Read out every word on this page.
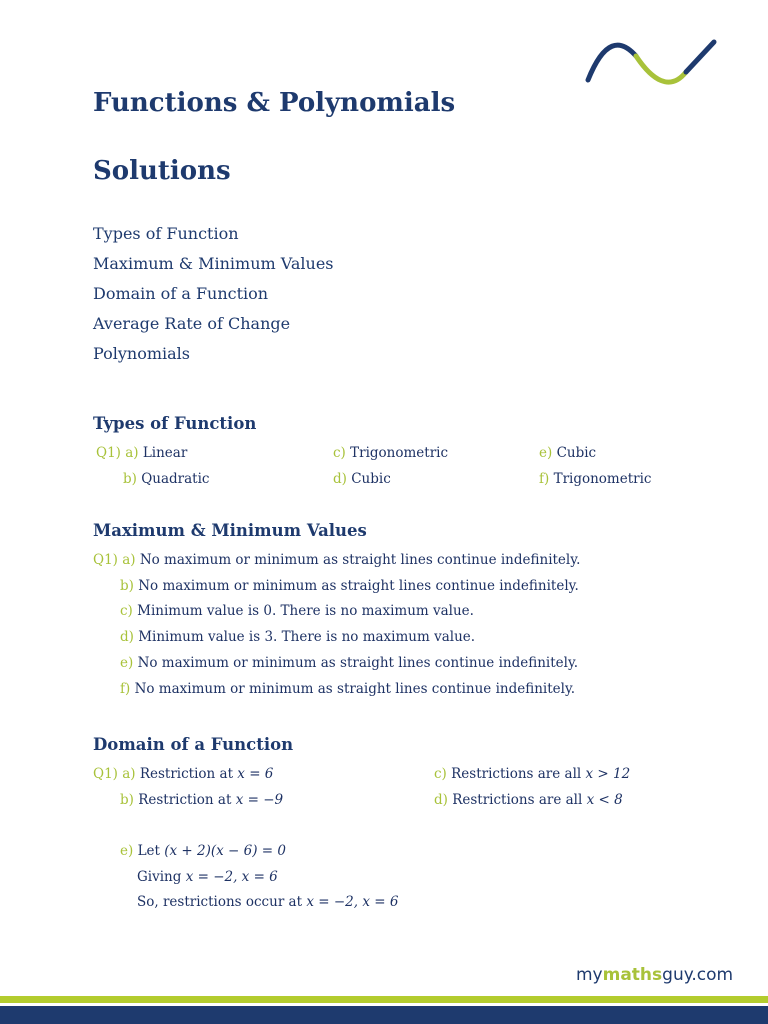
Functions & Polynomials
Solutions
Types of Function
Maximum & Minimum Values
Domain of a Function
Average Rate of Change
Polynomials
Types of Function
Q1) a) Linear
b) Quadratic
c) Trigonometric
d) Cubic
e) Cubic
f) Trigonometric
Maximum & Minimum Values
Q1) a) No maximum or minimum as straight lines continue indefinitely.
b) No maximum or minimum as straight lines continue indefinitely.
c) Minimum value is 0. There is no maximum value.
d) Minimum value is 3. There is no maximum value.
e) No maximum or minimum as straight lines continue indefinitely.
f) No maximum or minimum as straight lines continue indefinitely.
Domain of a Function
Q1) a) Restriction at x = 6
b) Restriction at x = −9
c) Restrictions are all x > 12
d) Restrictions are all x < 8
e) Let (x + 2)(x − 6) = 0
Giving x = −2, x = 6
So, restrictions occur at x = −2, x = 6
mymathsguy.com
